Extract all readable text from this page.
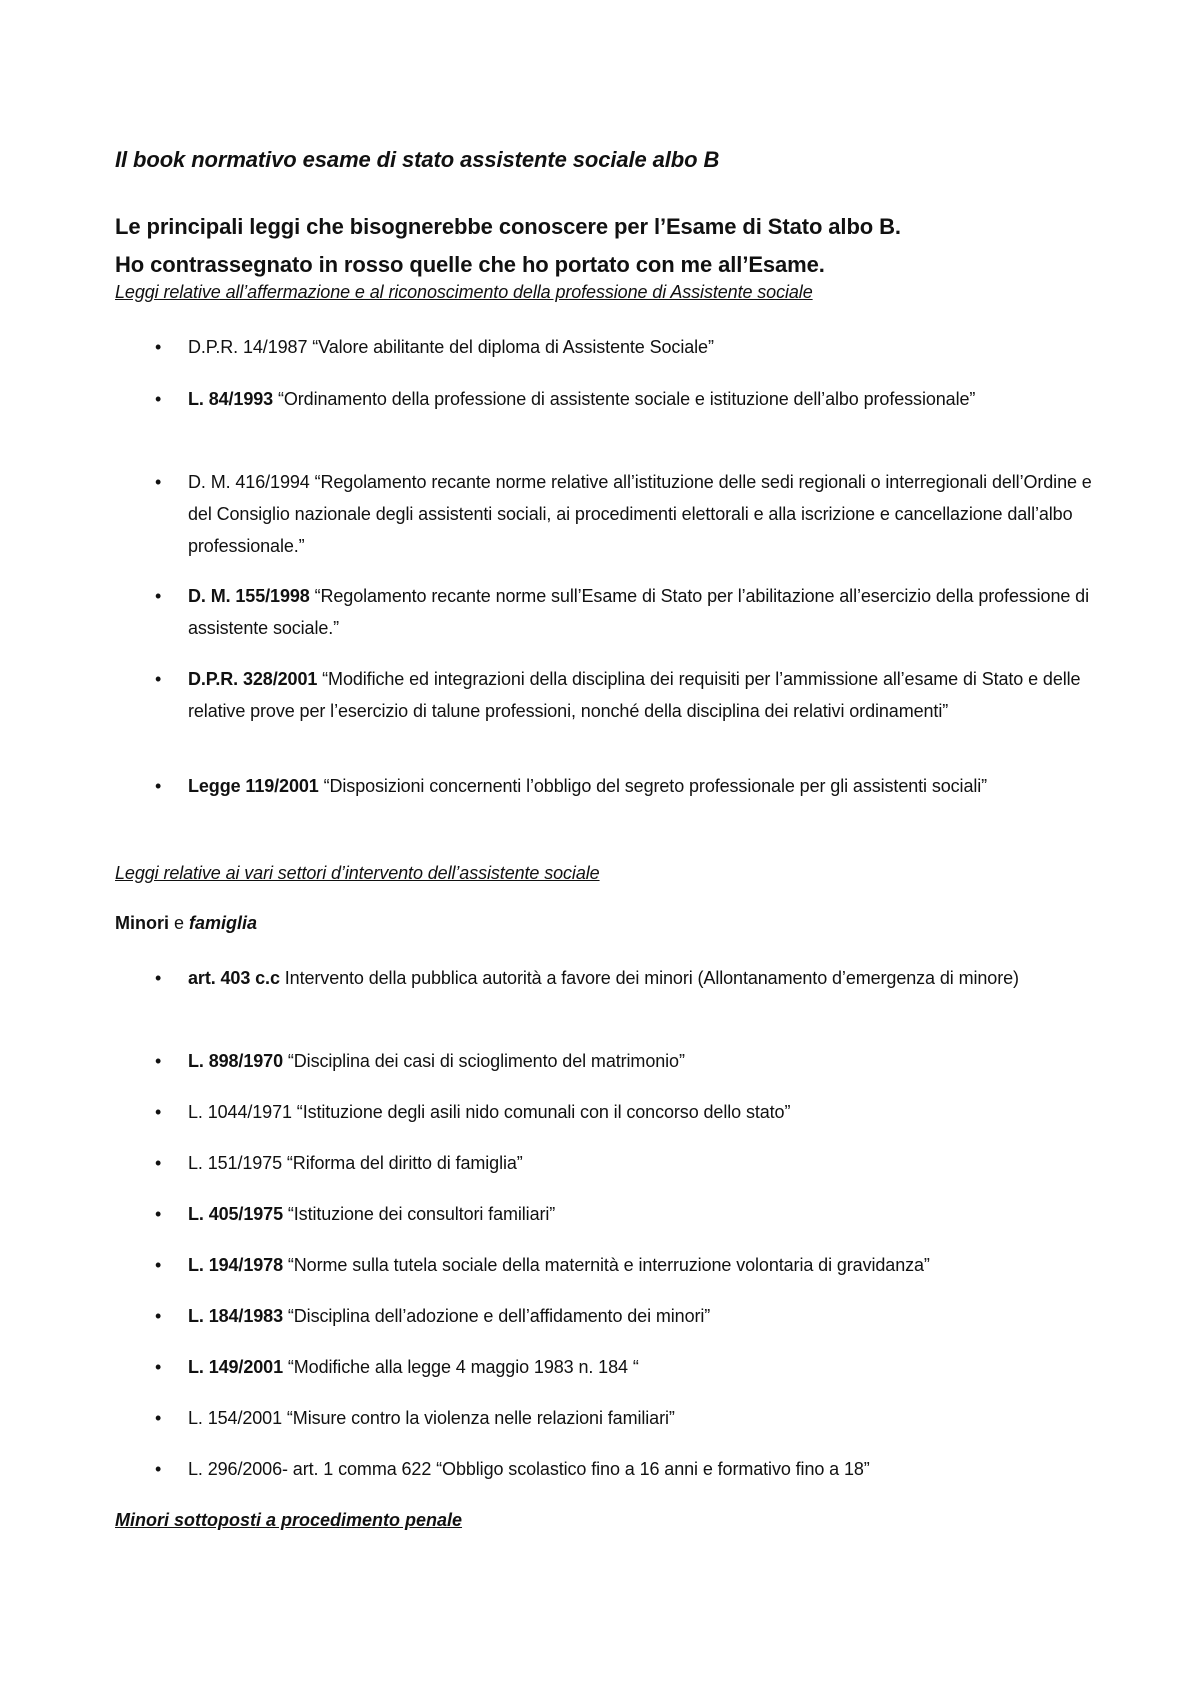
Il book normativo esame di stato assistente sociale albo B
Le principali leggi che bisognerebbe conoscere per l’Esame di Stato albo B.
Ho contrassegnato in rosso quelle che ho portato con me all’Esame.
Leggi relative all’affermazione e al riconoscimento della professione di Assistente sociale
•	D.P.R. 14/1987 “Valore abilitante del diploma di Assistente Sociale”
•	L. 84/1993 “Ordinamento della professione di assistente sociale e istituzione dell’albo professionale”
•	D. M. 416/1994 “Regolamento recante norme relative all’istituzione delle sedi regionali o interregionali dell’Ordine e del Consiglio nazionale degli assistenti sociali, ai procedimenti elettorali e alla iscrizione e cancellazione dall’albo professionale.”
•	D. M. 155/1998 “Regolamento recante norme sull’Esame di Stato per l’abilitazione all’esercizio della professione di assistente sociale.”
•	D.P.R. 328/2001 “Modifiche ed integrazioni della disciplina dei requisiti per l’ammissione all’esame di Stato e delle relative prove per l’esercizio di talune professioni, nonché della disciplina dei relativi ordinamenti”
•	Legge 119/2001 “Disposizioni concernenti l’obbligo del segreto professionale per gli assistenti sociali”
Leggi relative ai vari settori d’intervento dell’assistente sociale
Minori e famiglia
•	art. 403 c.c Intervento della pubblica autorità a favore dei minori (Allontanamento d’emergenza di minore)
•	L. 898/1970 “Disciplina dei casi di scioglimento del matrimonio”
•	L. 1044/1971 “Istituzione degli asili nido comunali con il concorso dello stato”
•	L. 151/1975 “Riforma del diritto di famiglia”
•	L. 405/1975 “Istituzione dei consultori familiari”
•	L. 194/1978 “Norme sulla tutela sociale della maternità e interruzione volontaria di gravidanza”
•	L. 184/1983 “Disciplina dell’adozione e dell’affidamento dei minori”
•	L. 149/2001 “Modifiche alla legge 4 maggio 1983 n. 184 “
•	L. 154/2001 “Misure contro la violenza nelle relazioni familiari”
•	L. 296/2006- art. 1 comma 622 “Obbligo scolastico fino a 16 anni e formativo fino a 18”
Minori sottoposti a procedimento penale
